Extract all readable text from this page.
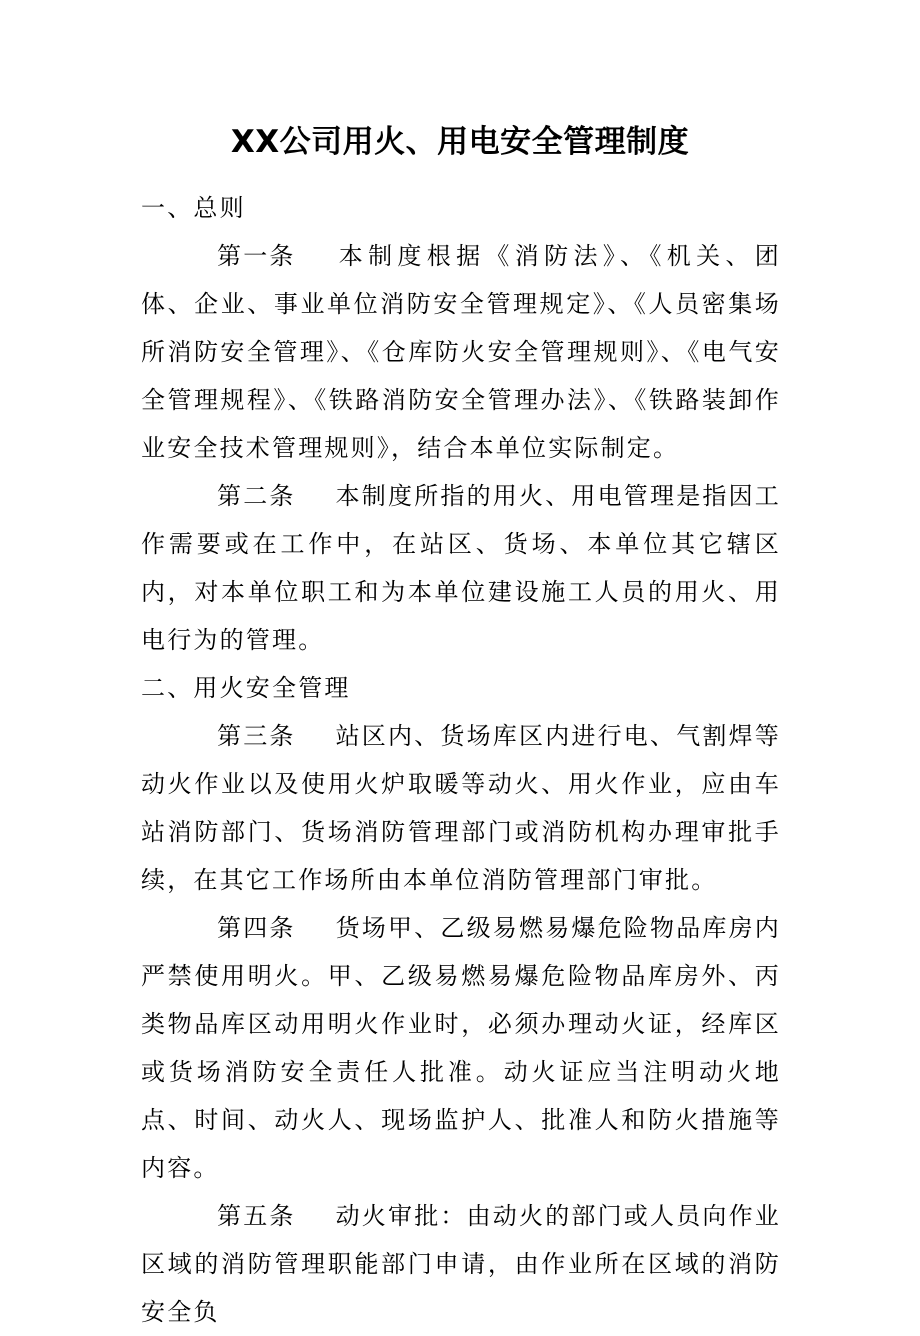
XX公司用火、用电安全管理制度

一、总则

第一条 本制度根据《消防法》、《机关、团体、企业、事业单位消防安全管理规定》、《人员密集场所消防安全管理》、《仓库防火安全管理规则》、《电气安全管理规程》、《铁路消防安全管理办法》、《铁路装卸作业安全技术管理规则》，结合本单位实际制定。

第二条 本制度所指的用火、用电管理是指因工作需要或在工作中，在站区、货场、本单位其它辖区内，对本单位职工和为本单位建设施工人员的用火、用电行为的管理。

二、用火安全管理

第三条 站区内、货场库区内进行电、气割焊等动火作业以及使用火炉取暖等动火、用火作业，应由车站消防部门、货场消防管理部门或消防机构办理审批手续，在其它工作场所由本单位消防管理部门审批。

第四条 货场甲、乙级易燃易爆危险物品库房内严禁使用明火。甲、乙级易燃易爆危险物品库房外、丙类物品库区动用明火作业时，必须办理动火证，经库区或货场消防安全责任人批准。动火证应当注明动火地点、时间、动火人、现场监护人、批准人和防火措施等内容。

第五条 动火审批：由动火的部门或人员向作业区域的消防管理职能部门申请，由作业所在区域的消防安全负
